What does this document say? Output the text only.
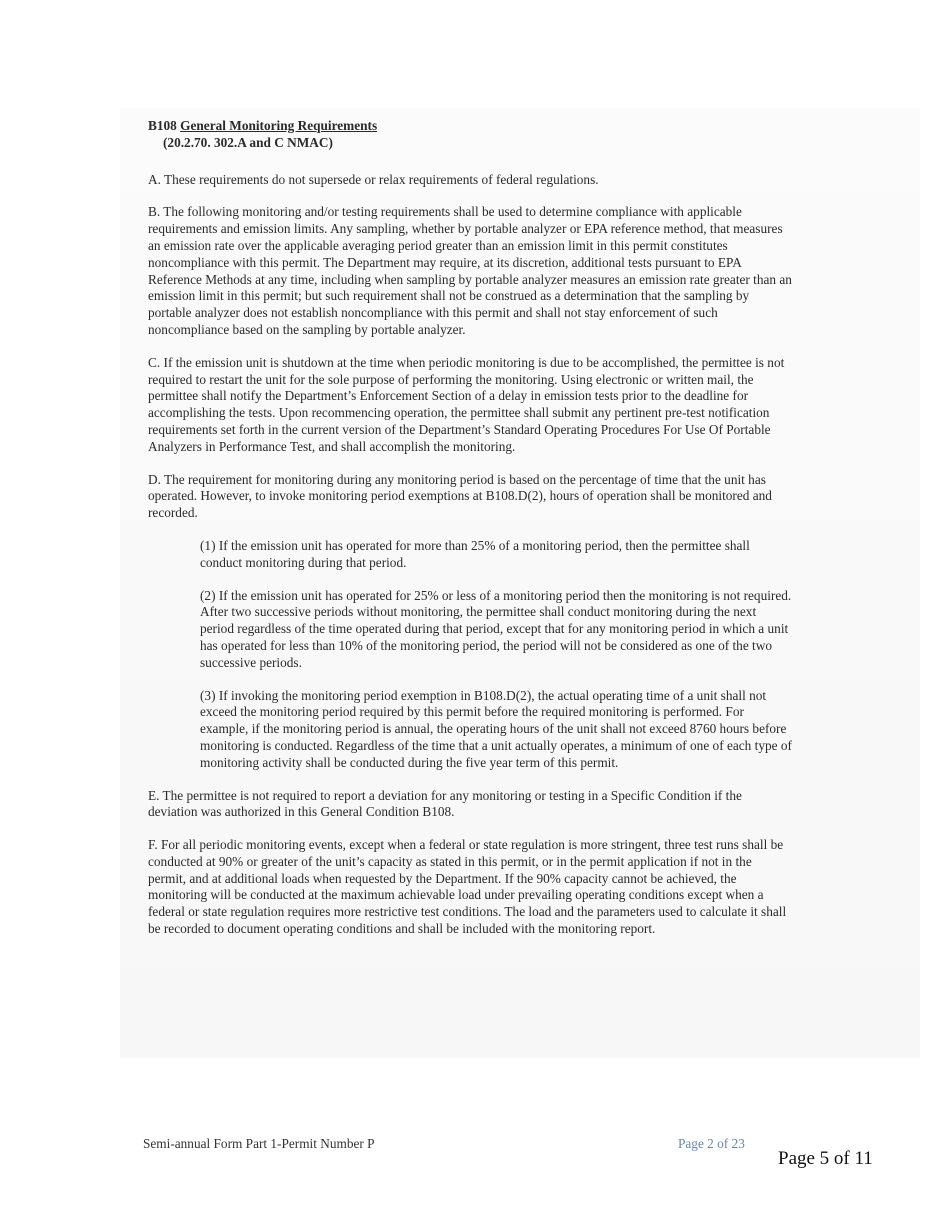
B108 General Monitoring Requirements
(20.2.70. 302.A and C NMAC)

A. These requirements do not supersede or relax requirements of federal regulations.

B. The following monitoring and/or testing requirements shall be used to determine compliance with applicable requirements and emission limits. Any sampling, whether by portable analyzer or EPA reference method, that measures an emission rate over the applicable averaging period greater than an emission limit in this permit constitutes noncompliance with this permit. The Department may require, at its discretion, additional tests pursuant to EPA Reference Methods at any time, including when sampling by portable analyzer measures an emission rate greater than an emission limit in this permit; but such requirement shall not be construed as a determination that the sampling by portable analyzer does not establish noncompliance with this permit and shall not stay enforcement of such noncompliance based on the sampling by portable analyzer.

C. If the emission unit is shutdown at the time when periodic monitoring is due to be accomplished, the permittee is not required to restart the unit for the sole purpose of performing the monitoring. Using electronic or written mail, the permittee shall notify the Department’s Enforcement Section of a delay in emission tests prior to the deadline for accomplishing the tests. Upon recommencing operation, the permittee shall submit any pertinent pre-test notification requirements set forth in the current version of the Department’s Standard Operating Procedures For Use Of Portable Analyzers in Performance Test, and shall accomplish the monitoring.

D. The requirement for monitoring during any monitoring period is based on the percentage of time that the unit has operated. However, to invoke monitoring period exemptions at B108.D(2), hours of operation shall be monitored and recorded.

(1) If the emission unit has operated for more than 25% of a monitoring period, then the permittee shall conduct monitoring during that period.

(2) If the emission unit has operated for 25% or less of a monitoring period then the monitoring is not required. After two successive periods without monitoring, the permittee shall conduct monitoring during the next period regardless of the time operated during that period, except that for any monitoring period in which a unit has operated for less than 10% of the monitoring period, the period will not be considered as one of the two successive periods.

(3) If invoking the monitoring period exemption in B108.D(2), the actual operating time of a unit shall not exceed the monitoring period required by this permit before the required monitoring is performed. For example, if the monitoring period is annual, the operating hours of the unit shall not exceed 8760 hours before monitoring is conducted. Regardless of the time that a unit actually operates, a minimum of one of each type of monitoring activity shall be conducted during the five year term of this permit.

E. The permittee is not required to report a deviation for any monitoring or testing in a Specific Condition if the deviation was authorized in this General Condition B108.

F. For all periodic monitoring events, except when a federal or state regulation is more stringent, three test runs shall be conducted at 90% or greater of the unit’s capacity as stated in this permit, or in the permit application if not in the permit, and at additional loads when requested by the Department. If the 90% capacity cannot be achieved, the monitoring will be conducted at the maximum achievable load under prevailing operating conditions except when a federal or state regulation requires more restrictive test conditions. The load and the parameters used to calculate it shall be recorded to document operating conditions and shall be included with the monitoring report.

Semi-annual Form Part 1-Permit Number P	Page 2 of 23
Page 5 of 11
